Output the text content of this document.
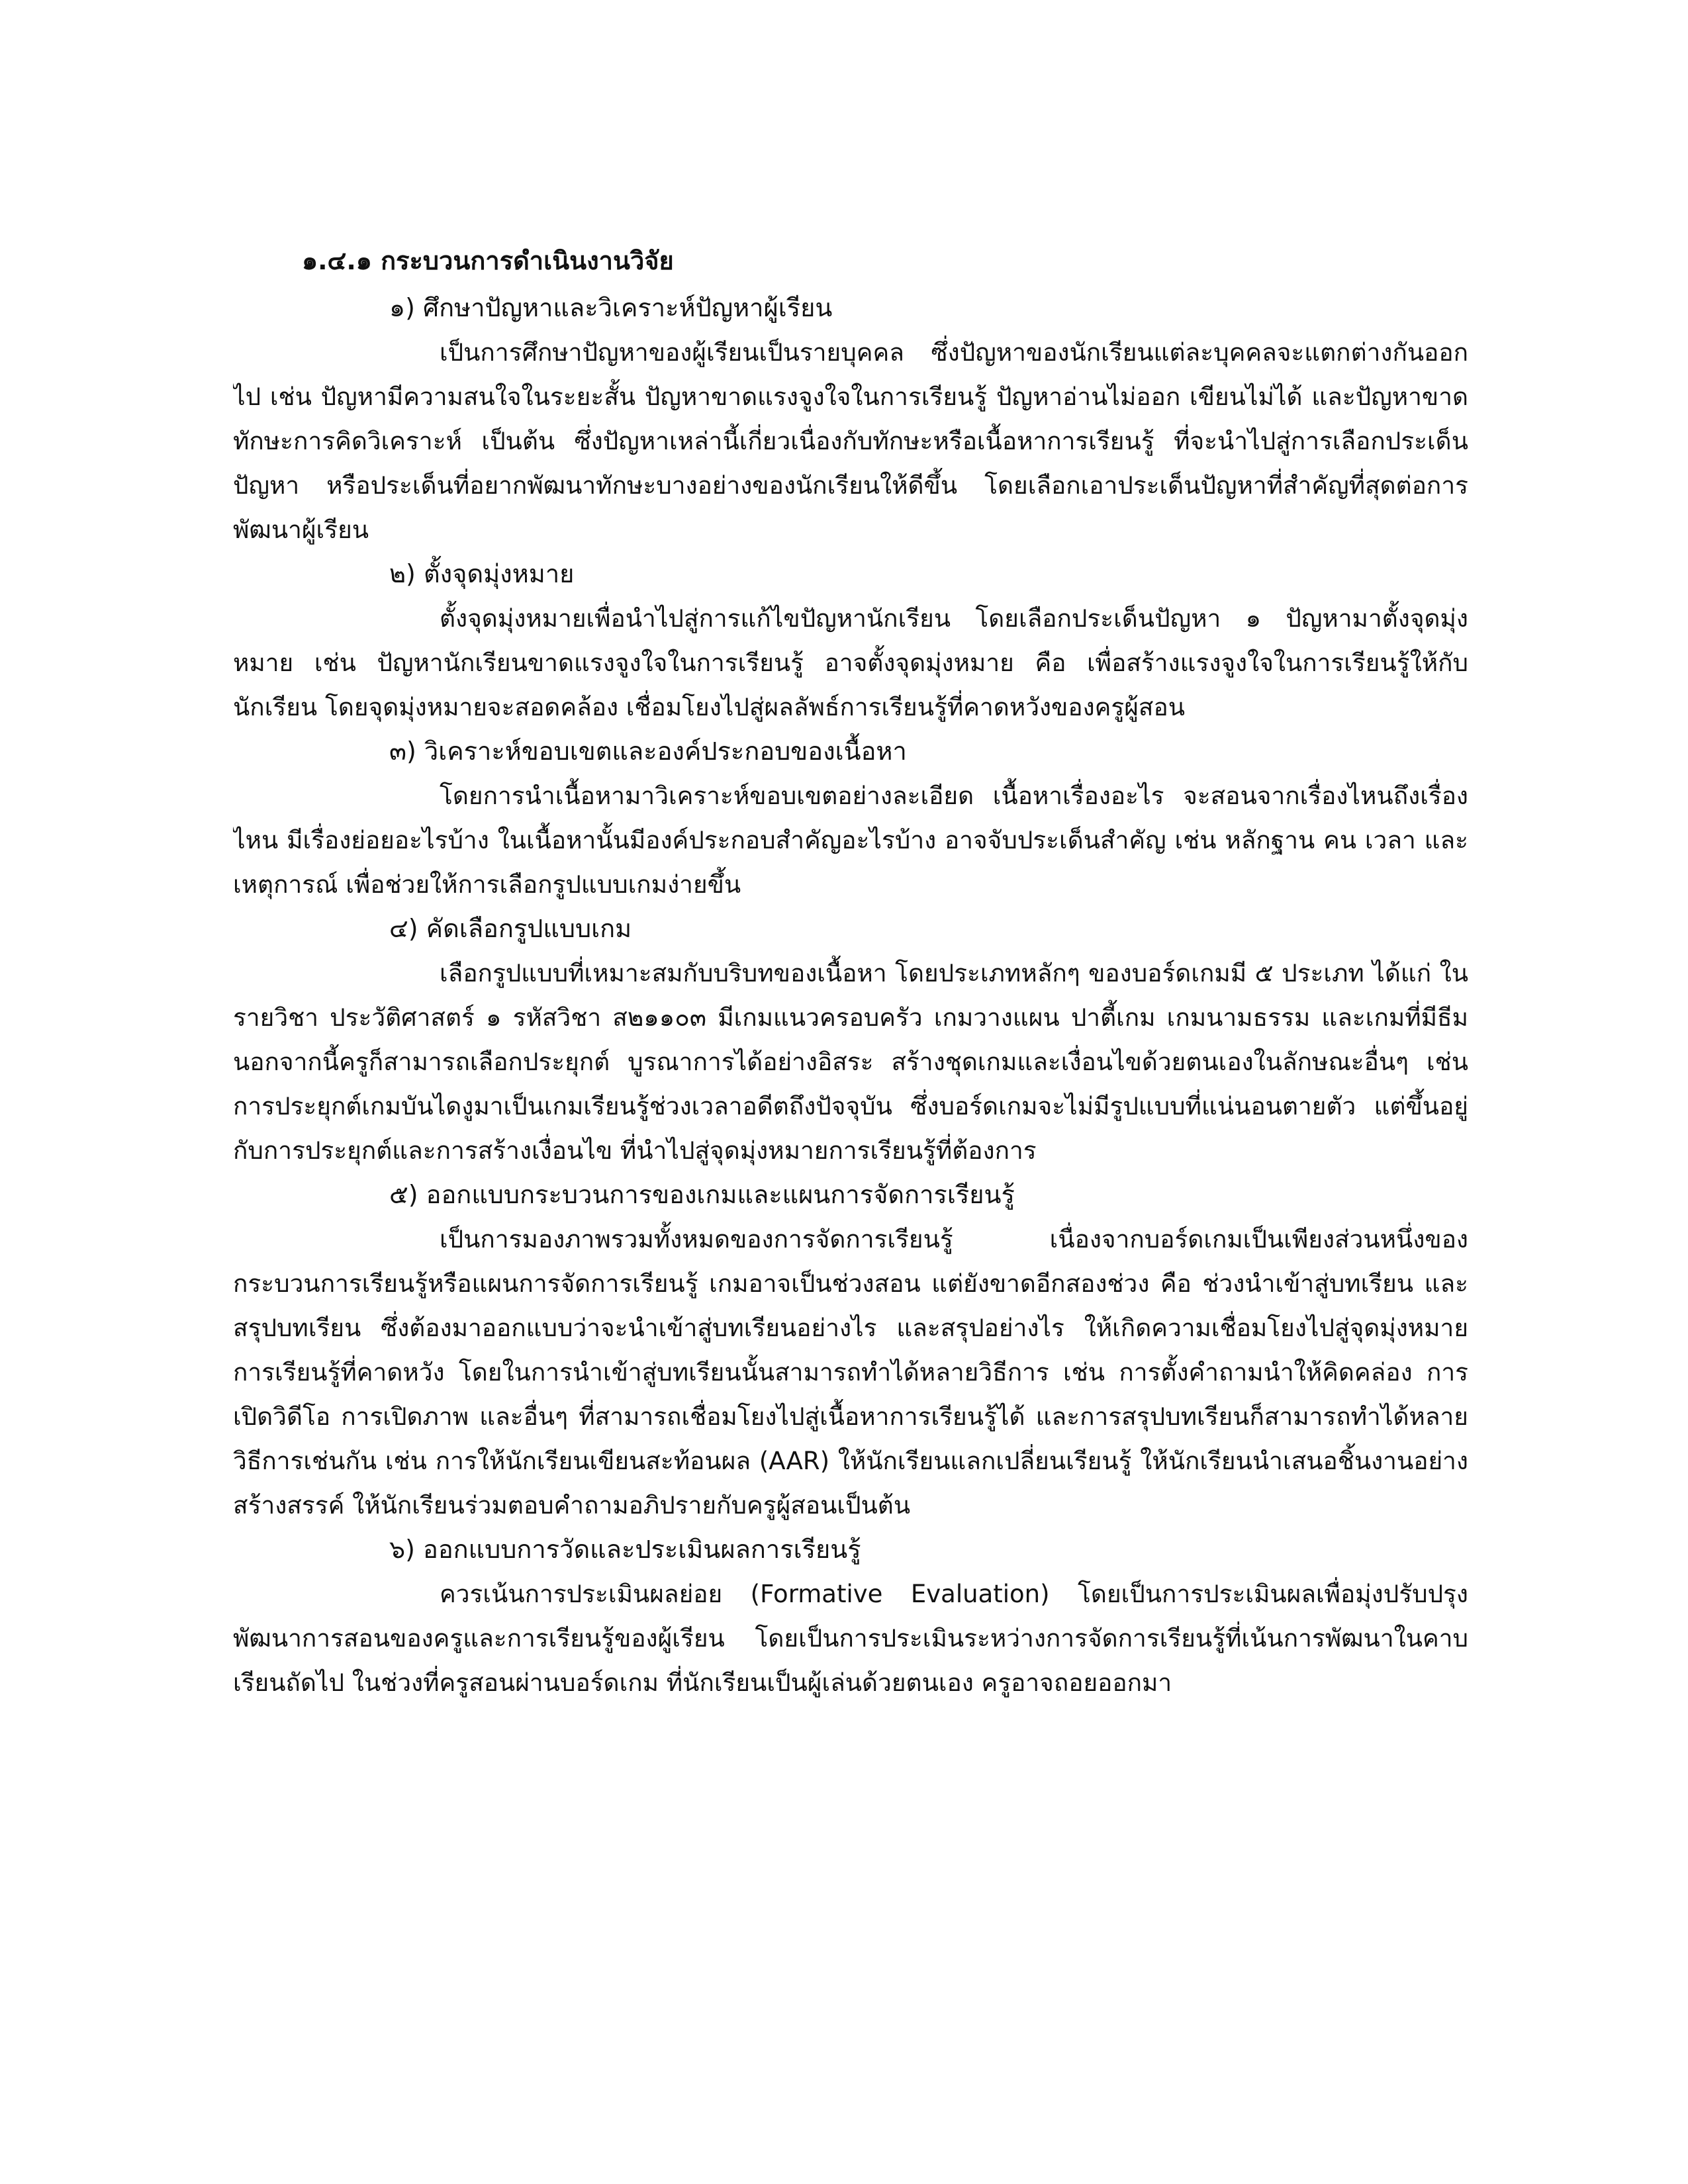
๑.๔.๑ กระบวนการดำเนินงานวิจัย

๑) ศึกษาปัญหาและวิเคราะห์ปัญหาผู้เรียน

เป็นการศึกษาปัญหาของผู้เรียนเป็นรายบุคคล ซึ่งปัญหาของนักเรียนแต่ละบุคคลจะแตกต่างกันออกไป เช่น ปัญหามีความสนใจในระยะสั้น ปัญหาขาดแรงจูงใจในการเรียนรู้ ปัญหาอ่านไม่ออก เขียนไม่ได้ และปัญหาขาดทักษะการคิดวิเคราะห์ เป็นต้น ซึ่งปัญหาเหล่านี้เกี่ยวเนื่องกับทักษะหรือเนื้อหาการเรียนรู้ ที่จะนำไปสู่การเลือกประเด็นปัญหา หรือประเด็นที่อยากพัฒนาทักษะบางอย่างของนักเรียนให้ดีขึ้น โดยเลือกเอาประเด็นปัญหาที่สำคัญที่สุดต่อการพัฒนาผู้เรียน

๒) ตั้งจุดมุ่งหมาย

ตั้งจุดมุ่งหมายเพื่อนำไปสู่การแก้ไขปัญหานักเรียน โดยเลือกประเด็นปัญหา ๑ ปัญหามาตั้งจุดมุ่งหมาย เช่น ปัญหานักเรียนขาดแรงจูงใจในการเรียนรู้ อาจตั้งจุดมุ่งหมาย คือ เพื่อสร้างแรงจูงใจในการเรียนรู้ให้กับนักเรียน โดยจุดมุ่งหมายจะสอดคล้อง เชื่อมโยงไปสู่ผลลัพธ์การเรียนรู้ที่คาดหวังของครูผู้สอน

๓) วิเคราะห์ขอบเขตและองค์ประกอบของเนื้อหา

โดยการนำเนื้อหามาวิเคราะห์ขอบเขตอย่างละเอียด เนื้อหาเรื่องอะไร จะสอนจากเรื่องไหนถึงเรื่องไหน มีเรื่องย่อยอะไรบ้าง ในเนื้อหานั้นมีองค์ประกอบสำคัญอะไรบ้าง อาจจับประเด็นสำคัญ เช่น หลักฐาน คน เวลา และเหตุการณ์ เพื่อช่วยให้การเลือกรูปแบบเกมง่ายขึ้น

๔) คัดเลือกรูปแบบเกม

เลือกรูปแบบที่เหมาะสมกับบริบทของเนื้อหา โดยประเภทหลักๆ ของบอร์ดเกมมี ๕ ประเภท ได้แก่ ในรายวิชา ประวัติศาสตร์ ๑ รหัสวิชา ส๒๑๑๐๓ มีเกมแนวครอบครัว เกมวางแผน ปาตี้เกม เกมนามธรรม และเกมที่มีธีม นอกจากนี้ครูก็สามารถเลือกประยุกต์ บูรณาการได้อย่างอิสระ สร้างชุดเกมและเงื่อนไขด้วยตนเองในลักษณะอื่นๆ เช่น การประยุกต์เกมบันไดงูมาเป็นเกมเรียนรู้ช่วงเวลาอดีตถึงปัจจุบัน ซึ่งบอร์ดเกมจะไม่มีรูปแบบที่แน่นอนตายตัว แต่ขึ้นอยู่กับการประยุกต์และการสร้างเงื่อนไข ที่นำไปสู่จุดมุ่งหมายการเรียนรู้ที่ต้องการ

๕) ออกแบบกระบวนการของเกมและแผนการจัดการเรียนรู้

เป็นการมองภาพรวมทั้งหมดของการจัดการเรียนรู้ เนื่องจากบอร์ดเกมเป็นเพียงส่วนหนึ่งของกระบวนการเรียนรู้หรือแผนการจัดการเรียนรู้ เกมอาจเป็นช่วงสอน แต่ยังขาดอีกสองช่วง คือ ช่วงนำเข้าสู่บทเรียน และสรุปบทเรียน ซึ่งต้องมาออกแบบว่าจะนำเข้าสู่บทเรียนอย่างไร และสรุปอย่างไร ให้เกิดความเชื่อมโยงไปสู่จุดมุ่งหมายการเรียนรู้ที่คาดหวัง โดยในการนำเข้าสู่บทเรียนนั้นสามารถทำได้หลายวิธีการ เช่น การตั้งคำถามนำให้คิดคล่อง การเปิดวิดีโอ การเปิดภาพ และอื่นๆ ที่สามารถเชื่อมโยงไปสู่เนื้อหาการเรียนรู้ได้ และการสรุปบทเรียนก็สามารถทำได้หลายวิธีการเช่นกัน เช่น การให้นักเรียนเขียนสะท้อนผล (AAR) ให้นักเรียนแลกเปลี่ยนเรียนรู้ ให้นักเรียนนำเสนอชิ้นงานอย่างสร้างสรรค์ ให้นักเรียนร่วมตอบคำถามอภิปรายกับครูผู้สอนเป็นต้น

๖) ออกแบบการวัดและประเมินผลการเรียนรู้

ควรเน้นการประเมินผลย่อย (Formative Evaluation) โดยเป็นการประเมินผลเพื่อมุ่งปรับปรุงพัฒนาการสอนของครูและการเรียนรู้ของผู้เรียน โดยเป็นการประเมินระหว่างการจัดการเรียนรู้ที่เน้นการพัฒนาในคาบเรียนถัดไป ในช่วงที่ครูสอนผ่านบอร์ดเกม ที่นักเรียนเป็นผู้เล่นด้วยตนเอง ครูอาจถอยออกมา
